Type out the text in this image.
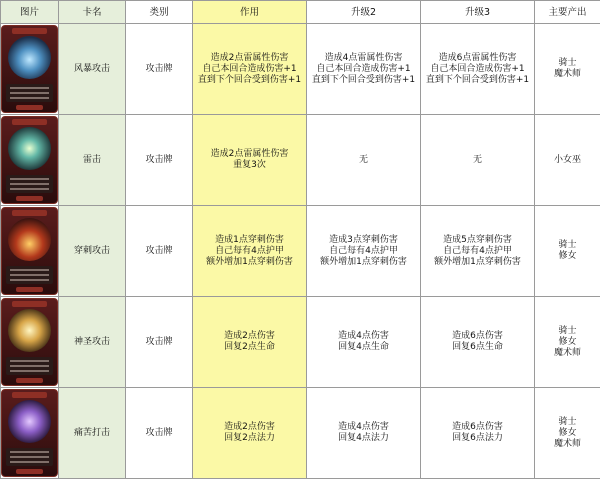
图片	卡名	类别	作用	升级2	升级3	主要产出

	风暴攻击	攻击牌	造成2点雷属性伤害
自己本回合造成伤害+1
直到下个回合受到伤害+1	造成4点雷属性伤害
自己本回合造成伤害+1
直到下个回合受到伤害+1	造成6点雷属性伤害
自己本回合造成伤害+1
直到下个回合受到伤害+1	骑士
魔术师

	雷击	攻击牌	造成2点雷属性伤害
重复3次	无	无	小女巫

	穿刺攻击	攻击牌	造成1点穿刺伤害
自己每有4点护甲
额外增加1点穿刺伤害	造成3点穿刺伤害
自己每有4点护甲
额外增加1点穿刺伤害	造成5点穿刺伤害
自己每有4点护甲
额外增加1点穿刺伤害	骑士
修女

	神圣攻击	攻击牌	造成2点伤害
回复2点生命	造成4点伤害
回复4点生命	造成6点伤害
回复6点生命	骑士
修女
魔术师

	痛苦打击	攻击牌	造成2点伤害
回复2点法力	造成4点伤害
回复4点法力	造成6点伤害
回复6点法力	骑士
修女
魔术师
